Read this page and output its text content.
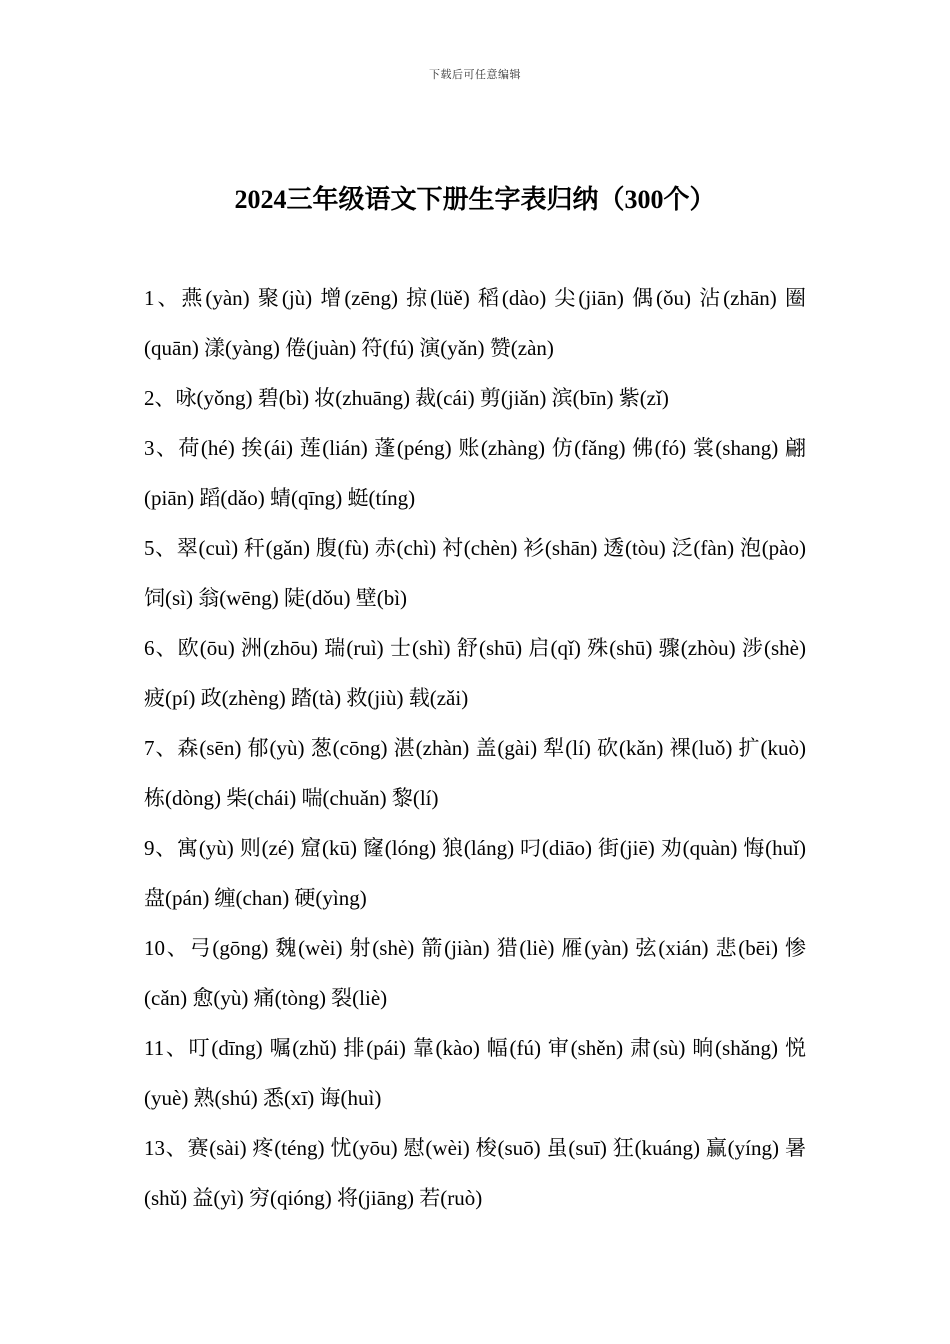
下载后可任意编辑
2024三年级语文下册生字表归纳（300个）

1、燕(yàn) 聚(jù) 增(zēng) 掠(lüě) 稻(dào) 尖(jiān) 偶(ǒu) 沾(zhān) 圈(quān) 漾(yàng) 倦(juàn) 符(fú) 演(yǎn) 赞(zàn)

2、咏(yǒng) 碧(bì) 妆(zhuāng) 裁(cái) 剪(jiǎn) 滨(bīn) 紫(zǐ)

3、荷(hé) 挨(ái) 莲(lián) 蓬(péng) 账(zhàng) 仿(fǎng) 佛(fó) 裳(shang) 翩(piān) 蹈(dǎo) 蜻(qīng) 蜓(tíng)

5、翠(cuì) 秆(gǎn) 腹(fù) 赤(chì) 衬(chèn) 衫(shān) 透(tòu) 泛(fàn) 泡(pào) 饲(sì) 翁(wēng) 陡(dǒu) 壁(bì)

6、欧(ōu) 洲(zhōu) 瑞(ruì) 士(shì) 舒(shū) 启(qǐ) 殊(shū) 骤(zhòu) 涉(shè) 疲(pí) 政(zhèng) 踏(tà) 救(jiù) 载(zǎi)

7、森(sēn) 郁(yù) 葱(cōng) 湛(zhàn) 盖(gài) 犁(lí) 砍(kǎn) 裸(luǒ) 扩(kuò) 栋(dòng) 柴(chái) 喘(chuǎn) 黎(lí)

9、寓(yù) 则(zé) 窟(kū) 窿(lóng) 狼(láng) 叼(diāo) 街(jiē) 劝(quàn) 悔(huǐ) 盘(pán) 缠(chan) 硬(yìng)

10、弓(gōng) 魏(wèi) 射(shè) 箭(jiàn) 猎(liè) 雁(yàn) 弦(xián) 悲(bēi) 惨(cǎn) 愈(yù) 痛(tòng) 裂(liè)

11、叮(dīng) 嘱(zhǔ) 排(pái) 靠(kào) 幅(fú) 审(shěn) 肃(sù) 晌(shǎng) 悦(yuè) 熟(shú) 悉(xī) 诲(huì)

13、赛(sài) 疼(téng) 忧(yōu) 慰(wèi) 梭(suō) 虽(suī) 狂(kuáng) 赢(yíng) 暑(shǔ) 益(yì) 穷(qióng) 将(jiāng) 若(ruò)
